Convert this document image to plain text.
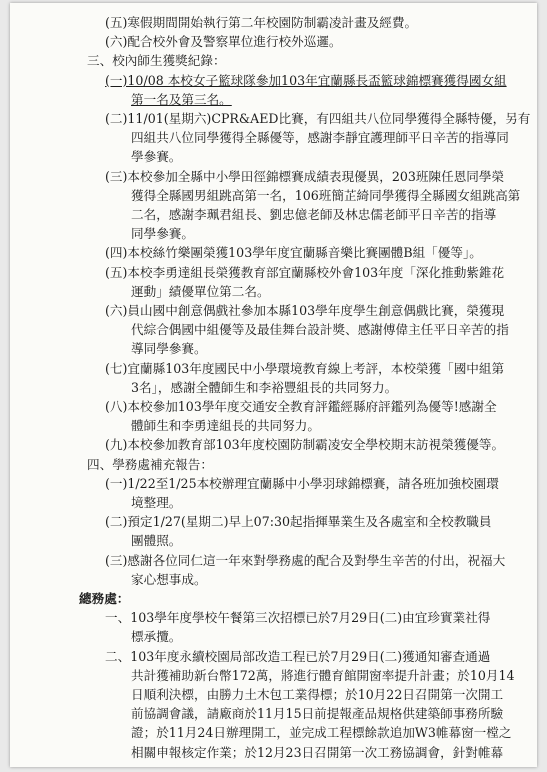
(五)寒假期間開始執行第二年校園防制霸凌計畫及經費。
(六)配合校外會及警察單位進行校外巡邏。
三、校內師生獲獎紀錄：
(一)10/08 本校女子籃球隊參加103年宜蘭縣長盃籃球錦標賽獲得國女組
第一名及第三名。
(二)11/01(星期六)CPR&AED比賽，有四組共八位同學獲得全縣特優，另有
四組共八位同學獲得全縣優等，感謝李靜宜護理師平日辛苦的指導同
學參賽。
(三)本校參加全縣中小學田徑錦標賽成績表現優異，203班陳任恩同學榮
獲得全縣國男組跳高第一名，106班簡芷綺同學獲得全縣國女組跳高第
二名，感謝李珮君組長、劉忠億老師及林忠儒老師平日辛苦的指導
同學參賽。
(四)本校絲竹樂團榮獲103學年度宜蘭縣音樂比賽團體B組「優等」。
(五)本校李勇達組長榮獲教育部宜蘭縣校外會103年度「深化推動紫錐花
運動」績優單位第二名。
(六)員山國中創意偶戲社參加本縣103學年度學生創意偶戲比賽，榮獲現
代綜合偶國中組優等及最佳舞台設計獎、感謝傅偉主任平日辛苦的指
導同學參賽。
(七)宜蘭縣103年度國民中小學環境教育線上考評，本校榮獲「國中組第
3名」，感謝全體師生和李裕豐組長的共同努力。
(八)本校參加103學年度交通安全教育評鑑經縣府評鑑列為優等!感謝全
體師生和李勇達組長的共同努力。
(九)本校參加教育部103年度校園防制霸凌安全學校期末訪視榮獲優等。
四、學務處補充報告：
(一)1/22至1/25本校辦理宜蘭縣中小學羽球錦標賽，請各班加強校園環
境整理。
(二)預定1/27(星期二)早上07:30起指揮畢業生及各處室和全校教職員
團體照。
(三)感謝各位同仁這一年來對學務處的配合及對學生辛苦的付出，祝福大
家心想事成。
總務處：
一、103學年度學校午餐第三次招標已於7月29日(二)由宜珍實業社得
標承攬。
二、103年度永續校園局部改造工程已於7月29日(二)獲通知審查通過
共計獲補助新台幣172萬，將進行體育館開窗率提升計畫；於10月14
日順利決標，由勝力土木包工業得標；於10月22日召開第一次開工
前協調會議，請廠商於11月15日前提報產品規格供建築師事務所驗
證；於11月24日辦理開工，並完成工程標餘款追加W3帷幕窗一樘之
相關申報核定作業；於12月23日召開第一次工務協調會，針對帷幕
